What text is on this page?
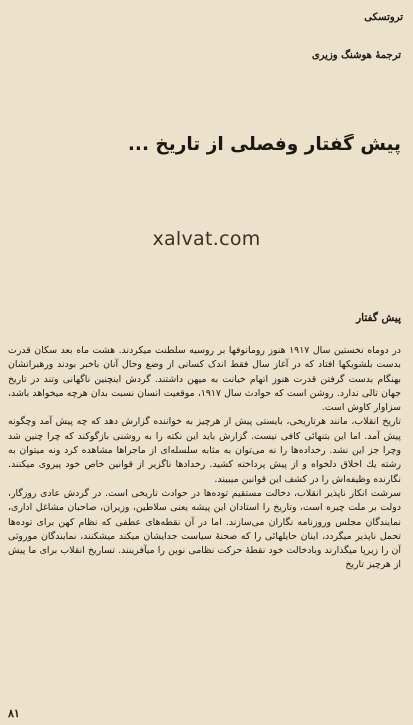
تروتسکی
ترجمهٔ هوشنگ وزیری
پیش گفتار وفصلی از تاریخ ...
xalvat.com
پیش گفتار

در دوماه نخستین سال ۱۹۱۷ هنوز رومانوفها بر روسیه سلطنت میکردند. هشت ماه بعد سکان قدرت بدست بلشویکها افتاد که در آغاز سال فقط اندک کسانی از وضع وحال آنان باخبر بودند ورهبرانشان بهنگام بدست گرفتن قدرت هنوز اتهام خیانت به میهن داشتند. گردش اینچنین ناگهانی وتند در تاریخ جهان تالی ندارد. روشن است که حوادث سال ۱۹۱۷، موقعیت انسان نسبت بدان هرچه میخواهد باشد، سزاوار کاوش است.

تاریخ انقلاب، مانند هرتاریخی، بایستی پیش از هرچیز به خواننده گزارش دهد که چه پیش آمد وچگونه پیش آمد. اما این بتنهائی کافی نیست. گزارش باید این نکته را به روشنی بازگوکند که چرا چنین شد وچرا جز این نشد. رخداده‌ها را نه می‌توان به مثابه سلسله‌ای از ماجراها مشاهده کرد ونه میتوان به رشته یك اخلاق دلخواه و از پیش پرداخته کشید. رخدادها ناگزیر از قوانین خاص خود پیروی میکنند. نگارنده وظیفه‌اش را در کشف این قوانین میبیند.

سرشت انکار ناپذیر انقلاب، دخالت مستقیم توده‌ها در حوادث تاریخی است. در گردش عادی روزگار، دولت بر ملت چیره است، وتاریخ را استادان این پیشه یعنی سلاطین، وزیران، صاحبان مشاغل اداری، نمایندگان مجلس وروزنامه نگاران می‌سازند. اما در آن نقطه‌های عطفی که نظام کهن برای توده‌ها تحمل ناپذیر میگردد، اینان حایلهائی را که صحنهٔ سیاست جدایشان میکند میشکنند، نمایندگان موروثی آن را زیرپا میگذارند وبادخالت خود نقطهٔ حرکت نظامی نوین را میآفرینند. تساریخ انقلاب برای ما پیش از هرچیز تاریخ

۸۱
